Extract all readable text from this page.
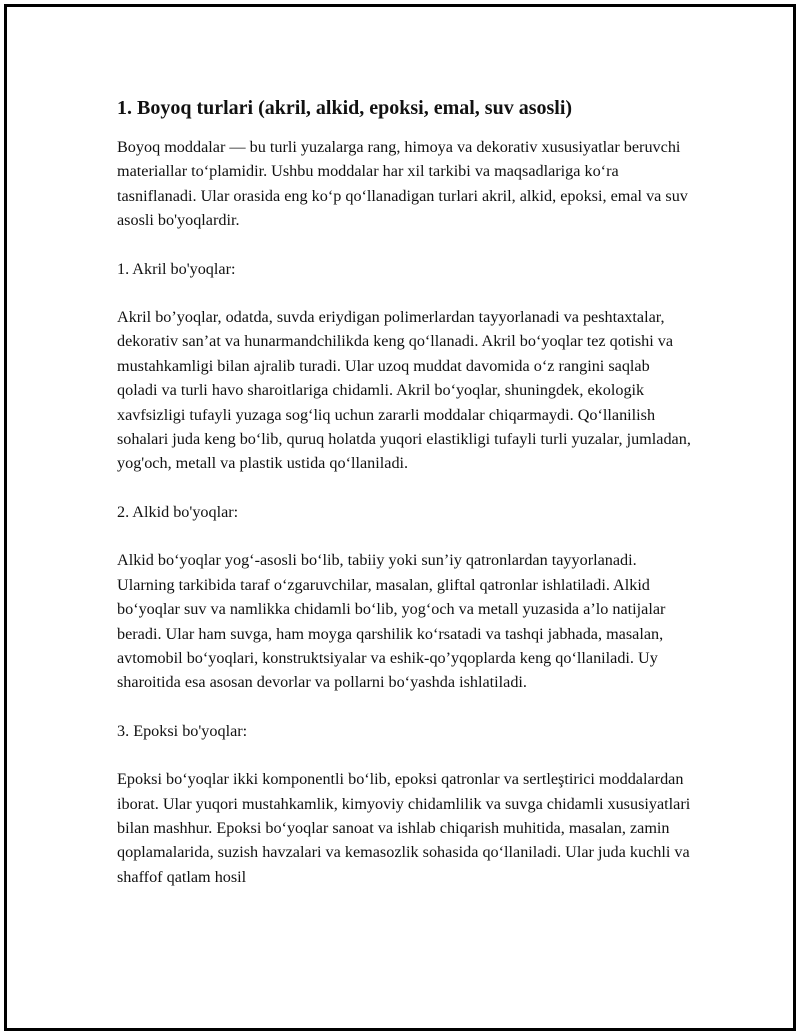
1. Boyoq turlari (akril, alkid, epoksi, emal, suv asosli)

Boyoq moddalar — bu turli yuzalarga rang, himoya va dekorativ xususiyatlar beruvchi materiallar to‘plamidir. Ushbu moddalar har xil tarkibi va maqsadlariga ko‘ra tasniflanadi. Ular orasida eng ko‘p qo‘llanadigan turlari akril, alkid, epoksi, emal va suv asosli bo'yoqlardir.

1. Akril bo'yoqlar:

Akril bo’yoqlar, odatda, suvda eriydigan polimerlardan tayyorlanadi va peshtaxtalar, dekorativ san’at va hunarmandchilikda keng qo‘llanadi. Akril bo‘yoqlar tez qotishi va mustahkamligi bilan ajralib turadi. Ular uzoq muddat davomida o‘z rangini saqlab qoladi va turli havo sharoitlariga chidamli. Akril bo‘yoqlar, shuningdek, ekologik xavfsizligi tufayli yuzaga sog‘liq uchun zararli moddalar chiqarmaydi. Qo‘llanilish sohalari juda keng bo‘lib, quruq holatda yuqori elastikligi tufayli turli yuzalar, jumladan, yog'och, metall va plastik ustida qo‘llaniladi.

2. Alkid bo'yoqlar:

Alkid bo‘yoqlar yog‘-asosli bo‘lib, tabiiy yoki sun’iy qatronlardan tayyorlanadi. Ularning tarkibida taraf o‘zgaruvchilar, masalan, gliftal qatronlar ishlatiladi. Alkid bo‘yoqlar suv va namlikka chidamli bo‘lib, yog‘och va metall yuzasida a’lo natijalar beradi. Ular ham suvga, ham moyga qarshilik ko‘rsatadi va tashqi jabhada, masalan, avtomobil bo‘yoqlari, konstruktsiyalar va eshik-qo’yqoplarda keng qo‘llaniladi. Uy sharoitida esa asosan devorlar va pollarni bo‘yashda ishlatiladi.

3. Epoksi bo'yoqlar:

Epoksi bo‘yoqlar ikki komponentli bo‘lib, epoksi qatronlar va sertleştirici moddalardan iborat. Ular yuqori mustahkamlik, kimyoviy chidamlilik va suvga chidamli xususiyatlari bilan mashhur. Epoksi bo‘yoqlar sanoat va ishlab chiqarish muhitida, masalan, zamin qoplamalarida, suzish havzalari va kemasozlik sohasida qo‘llaniladi. Ular juda kuchli va shaffof qatlam hosil
